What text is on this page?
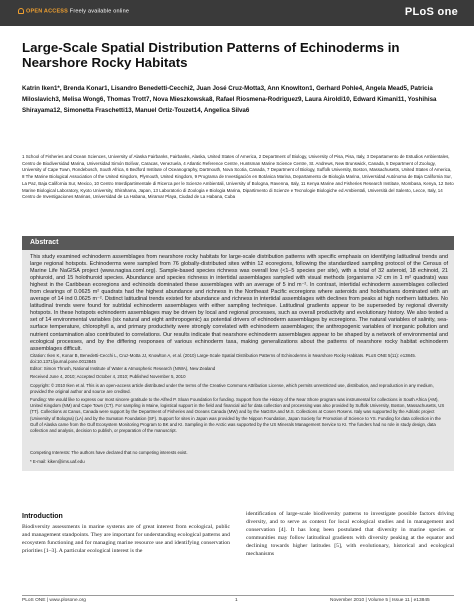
OPEN ACCESS Freely available online	PLoS one
Large-Scale Spatial Distribution Patterns of Echinoderms in Nearshore Rocky Habitats
Katrin Iken1*, Brenda Konar1, Lisandro Benedetti-Cecchi2, Juan José Cruz-Motta3, Ann Knowlton1, Gerhard Pohle4, Angela Mead5, Patricia Miloslavich3, Melisa Wong6, Thomas Trott7, Nova Mieszkowska8, Rafael Riosmena-Rodriguez9, Laura Airoldi10, Edward Kimani11, Yoshihisa Shirayama12, Simonetta Fraschetti13, Manuel Ortiz-Touzet14, Angelica Silva6
1 School of Fisheries and Ocean Sciences, University of Alaska Fairbanks, Fairbanks, Alaska, United States of America, 2 Department of Biology, University of Pisa, Pisa, Italy, 3 Departamento de Estudios Ambientales, Centro de Biodiversidad Marina, Universidad Simón Bolívar, Caracas, Venezuela, 4 Atlantic Reference Centre, Huntsman Marine Science Centre, St. Andrews, New Brunswick, Canada, 5 Department of Zoology, University of Cape Town, Rondebosch, South Africa, 6 Bedford Institute of Oceanography, Dartmouth, Nova Scotia, Canada, 7 Department of Biology, Suffolk University, Boston, Massachusetts, United States of America, 8 The Marine Biological Association of the United Kingdom, Plymouth, United Kingdom, 9 Programa de Investigación en Botánica Marina, Departamento de Biología Marina, Universidad Autónoma de Baja California Sur, La Paz, Baja California Sur, Mexico, 10 Centro Interdipartimentale di Ricerca per le Scienze Ambientali, University of Bologna, Ravenna, Italy, 11 Kenya Marine and Fisheries Research Institute, Mombasa, Kenya, 12 Seto Marine Biological Laboratory, Kyoto University, Shirahama, Japan, 13 Laboratorio di Zoologia e Biologia Marina, Dipartimento di Scienze e Tecnologie Biologiche ed Ambientali, Università del Salento, Lecce, Italy, 14 Centro de Investigaciones Marinas, Universidad de La Habana, Miramar Playa, Ciudad de La Habana, Cuba
Abstract
This study examined echinoderm assemblages from nearshore rocky habitats for large-scale distribution patterns with specific emphasis on identifying latitudinal trends and large regional hotspots. Echinoderms were sampled from 76 globally-distributed sites within 12 ecoregions, following the standardized sampling protocol of the Census of Marine Life NaGISA project (www.nagisa.coml.org). Sample-based species richness was overall low (<1–5 species per site), with a total of 32 asteroid, 18 echinoid, 21 ophiuroid, and 15 holothuroid species. Abundance and species richness in intertidal assemblages sampled with visual methods (organisms >2 cm in 1 m² quadrats) was highest in the Caribbean ecoregions and echinoids dominated these assemblages with an average of 5 ind m⁻². In contrast, intertidal echinoderm assemblages collected from clearings of 0.0625 m² quadrats had the highest abundance and richness in the Northeast Pacific ecoregions where asteroids and holothurians dominated with an average of 14 ind 0.0625 m⁻². Distinct latitudinal trends existed for abundance and richness in intertidal assemblages with declines from peaks at high northern latitudes. No latitudinal trends were found for subtidal echinoderm assemblages with either sampling technique. Latitudinal gradients appear to be superseded by regional diversity hotspots. In these hotspots echinoderm assemblages may be driven by local and regional processes, such as overall productivity and evolutionary history. We also tested a set of 14 environmental variables (six natural and eight anthropogenic) as potential drivers of echinoderm assemblages by ecoregions. The natural variables of salinity, sea-surface temperature, chlorophyll a, and primary productivity were strongly correlated with echinoderm assemblages; the anthropogenic variables of inorganic pollution and nutrient contamination also contributed to correlations. Our results indicate that nearshore echinoderm assemblages appear to be shaped by a network of environmental and ecological processes, and by the differing responses of various echinoderm taxa, making generalizations about the patterns of nearshore rocky habitat echinoderm assemblages difficult.
Citation: Iken K, Konar B, Benedetti-Cecchi L, Cruz-Motta JJ, Knowlton A, et al. (2010) Large-Scale Spatial Distribution Patterns of Echinoderms in Nearshore Rocky Habitats. PLoS ONE 5(11): e13845. doi:10.1371/journal.pone.0013845
Editor: Simon Thrush, National Institute of Water & Atmospheric Research (NIWA), New Zealand
Received June 4, 2010; Accepted October 4, 2010; Published November 5, 2010
Copyright: © 2010 Iken et al. This is an open-access article distributed under the terms of the Creative Commons Attribution License, which permits unrestricted use, distribution, and reproduction in any medium, provided the original author and source are credited.
Funding: We would like to express our most sincere gratitude to the Alfred P. Sloan Foundation for funding. Support from the History of the Near Shore program was instrumental for collections in South Africa (AM), United Kingdom (NM) and Cape Town (CT). For sampling in Maine, logistical support in the field and financial aid for data collection and processing was also provided by Suffolk University, Boston, Massachusetts, US (TT). Collections at Canus, Canada were support by the Department of Fisheries and Oceans Canada (MW) and by the NaGISA and M.S. Collections at Cosen Rosens. Italy was supported by the Adriatic project (University of Bologna) (LA) and by the Sumaton Foundation (SF). Support for sites in Japan was provided by the Nippon Foundation, Japan Society for Promotion of Science to YS. Funding for data collection in the Gulf of Alaska came from the Gulf Ecosystem Monitoring Program to BK and KI. Sampling in the Arctic was supported by the US Minerals Management Service to KI. The funders had no role in study design, data collection and analysis, decision to publish, or preparation of the manuscript.
Competing Interests: The authors have declared that no competing interests exist.
* E-mail: kiken@ims.uaf.edu
Introduction
Biodiversity assessments in marine systems are of great interest from ecological, public and management standpoints. They are important for understanding ecological patterns and ecosystem functioning and for managing marine resource use and identifying conservation priorities [1–3]. A particular ecological interest is the
identification of large-scale biodiversity patterns to investigate possible factors driving diversity, and to serve as context for local ecological studies and in management and conservation [4]. It has long been postulated that diversity in marine species or communities may follow latitudinal gradients with diversity peaking at the equator and declining towards higher latitudes [5], with evolutionary, historical and ecological mechanisms
PLoS ONE | www.plosone.org	1	November 2010 | Volume 5 | Issue 11 | e13845
